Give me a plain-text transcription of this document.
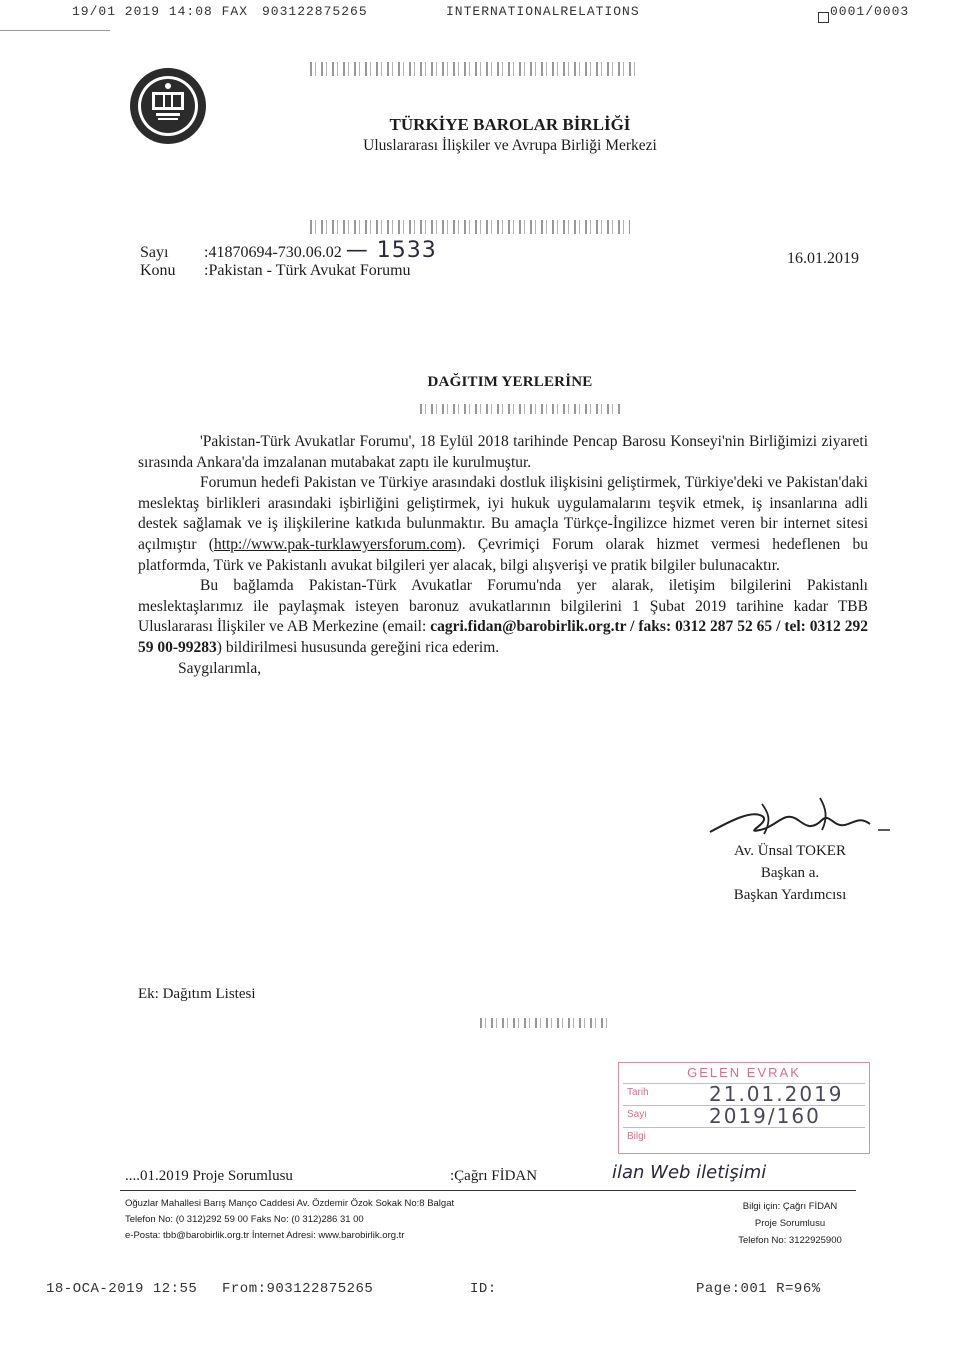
19/01 2019 14:08 FAX 903122875265	INTERNATIONALRELATIONS	0001/0003
TÜRKİYE BAROLAR BİRLİĞİ
Uluslararası İlişkiler ve Avrupa Birliği Merkezi
Sayı :41870694-730.06.02 — 1533
Konu :Pakistan - Türk Avukat Forumu
16.01.2019
DAĞITIM YERLERİNE

'Pakistan-Türk Avukatlar Forumu', 18 Eylül 2018 tarihinde Pencap Barosu Konseyi'nin Birliğimizi ziyareti sırasında Ankara'da imzalanan mutabakat zaptı ile kurulmuştur.

Forumun hedefi Pakistan ve Türkiye arasındaki dostluk ilişkisini geliştirmek, Türkiye'deki ve Pakistan'daki meslektaş birlikleri arasındaki işbirliğini geliştirmek, iyi hukuk uygulamalarını teşvik etmek, iş insanlarına adli destek sağlamak ve iş ilişkilerine katkıda bulunmaktır. Bu amaçla Türkçe-İngilizce hizmet veren bir internet sitesi açılmıştır (http://www.pak-turklawyersforum.com). Çevrimiçi Forum olarak hizmet vermesi hedeflenen bu platformda, Türk ve Pakistanlı avukat bilgileri yer alacak, bilgi alışverişi ve pratik bilgiler bulunacaktır.

Bu bağlamda Pakistan-Türk Avukatlar Forumu'nda yer alarak, iletişim bilgilerini Pakistanlı meslektaşlarımız ile paylaşmak isteyen baronuz avukatlarının bilgilerini 1 Şubat 2019 tarihine kadar TBB Uluslararası İlişkiler ve AB Merkezine (email: cagri.fidan@barobirlik.org.tr / faks: 0312 287 52 65 / tel: 0312 292 59 00-99283) bildirilmesi hususunda gereğini rica ederim.

Saygılarımla,

Av. Ünsal TOKER
Başkan a.
Başkan Yardımcısı
Ek: Dağıtım Listesi
GELEN EVRAK
Tarih	21.01.2019
Sayı	2019/160
Bilgi
....01.2019 Proje Sorumlusu	:Çağrı FİDAN	ilan Web iletişimi
Oğuzlar Mahallesi Barış Manço Caddesi Av. Özdemir Özok Sokak No:8 Balgat
Telefon No: (0 312)292 59 00 Faks No: (0 312)286 31 00
e-Posta: tbb@barobirlik.org.tr İnternet Adresi: www.barobirlik.org.tr
Bilgi için: Çağrı FİDAN
Proje Sorumlusu
Telefon No: 3122925900
18-OCA-2019 12:55 From:903122875265	ID:	Page:001 R=96%
